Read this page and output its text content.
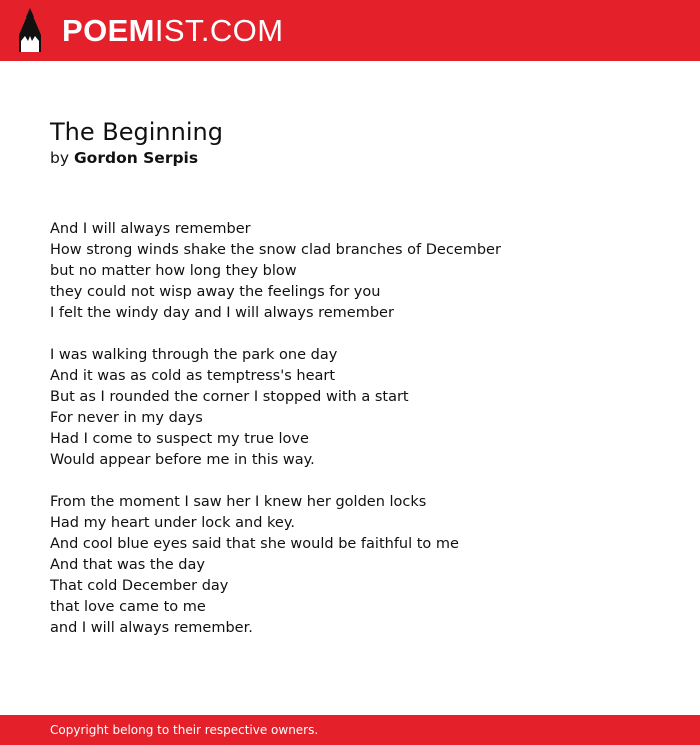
POEMIST.COM
The Beginning
by Gordon Serpis

And I will always remember
How strong winds shake the snow clad branches of December
but no matter how long they blow
they could not wisp away the feelings for you
I felt the windy day and I will always remember

I was walking through the park one day
And it was as cold as temptress's heart
But as I rounded the corner I stopped with a start
For never in my days
Had I come to suspect my true love
Would appear before me in this way.

From the moment I saw her I knew her golden locks
Had my heart under lock and key.
And cool blue eyes said that she would be faithful to me
And that was the day
That cold December day
that love came to me
and I will always remember.

Copyright belong to their respective owners.
